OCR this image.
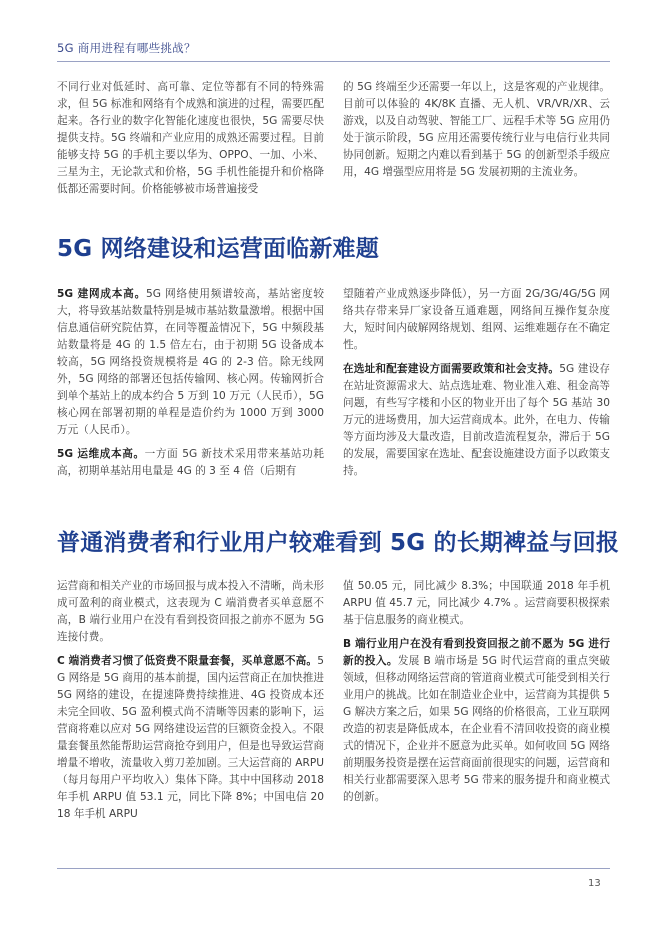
5G 商用进程有哪些挑战？

不同行业对低延时、高可靠、定位等都有不同的特殊需求，但 5G 标准和网络有个成熟和演进的过程，需要匹配起来。各行业的数字化智能化速度也很快，5G 需要尽快提供支持。5G 终端和产业应用的成熟还需要过程。目前能够支持 5G 的手机主要以华为、OPPO、一加、小米、三星为主，无论款式和价格，5G 手机性能提升和价格降低都还需要时间。价格能够被市场普遍接受

的 5G 终端至少还需要一年以上，这是客观的产业规律。目前可以体验的 4K/8K 直播、无人机、VR/VR/XR、云游戏，以及自动驾驶、智能工厂、远程手术等 5G 应用仍处于演示阶段，5G 应用还需要传统行业与电信行业共同协同创新。短期之内难以看到基于 5G 的创新型杀手级应用，4G 增强型应用将是 5G 发展初期的主流业务。

5G 网络建设和运营面临新难题

5G 建网成本高。5G 网络使用频谱较高，基站密度较大，将导致基站数量特别是城市基站数量激增。根据中国信息通信研究院估算，在同等覆盖情况下，5G 中频段基站数量将是 4G 的 1.5 倍左右，由于初期 5G 设备成本较高，5G 网络投资规模将是 4G 的 2-3 倍。除无线网外，5G 网络的部署还包括传输网、核心网。传输网折合到单个基站上的成本约合 5 万到 10 万元（人民币），5G 核心网在部署初期的单程是造价约为 1000 万到 3000 万元（人民币）。

5G 运维成本高。一方面 5G 新技术采用带来基站功耗高，初期单基站用电量是 4G 的 3 至 4 倍（后期有

望随着产业成熟逐步降低），另一方面 2G/3G/4G/5G 网络共存带来异厂家设备互通难题，网络间互操作复杂度大，短时间内破解网络规划、组网、运维难题存在不确定性。

在选址和配套建设方面需要政策和社会支持。5G 建设存在站址资源需求大、站点选址难、物业准入难、租金高等问题，有些写字楼和小区的物业开出了每个 5G 基站 30 万元的进场费用，加大运营商成本。此外，在电力、传输等方面均涉及大量改造，目前改造流程复杂，滞后于 5G 的发展，需要国家在选址、配套设施建设方面予以政策支持。

普通消费者和行业用户较难看到 5G 的长期裨益与回报

运营商和相关产业的市场回报与成本投入不清晰，尚未形成可盈利的商业模式，这表现为 C 端消费者买单意愿不高，B 端行业用户在没有看到投资回报之前亦不愿为 5G 连接付费。

C 端消费者习惯了低资费不限量套餐，买单意愿不高。5G 网络是 5G 商用的基本前提，国内运营商正在加快推进 5G 网络的建设，在提速降费持续推进、4G 投资成本还未完全回收、5G 盈利模式尚不清晰等因素的影响下，运营商将难以应对 5G 网络建设运营的巨额资金投入。不限量套餐虽然能帮助运营商抢夺到用户，但是也导致运营商增量不增收，流量收入剪刀差加剧。三大运营商的 ARPU（每月每用户平均收入）集体下降。其中中国移动 2018 年手机 ARPU 值 53.1 元，同比下降 8%；中国电信 2018 年手机 ARPU

值 50.05 元，同比减少 8.3%；中国联通 2018 年手机 ARPU 值 45.7 元，同比减少 4.7% 。运营商要积极探索基于信息服务的商业模式。

B 端行业用户在没有看到投资回报之前不愿为 5G 进行新的投入。发展 B 端市场是 5G 时代运营商的重点突破领域，但移动网络运营商的管道商业模式可能受到相关行业用户的挑战。比如在制造业企业中，运营商为其提供 5G 解决方案之后，如果 5G 网络的价格很高，工业互联网改造的初衷是降低成本，在企业看不清回收投资的商业模式的情况下，企业并不愿意为此买单。如何收回 5G 网络前期服务投资是摆在运营商面前很现实的问题，运营商和相关行业都需要深入思考 5G 带来的服务提升和商业模式的创新。

13
